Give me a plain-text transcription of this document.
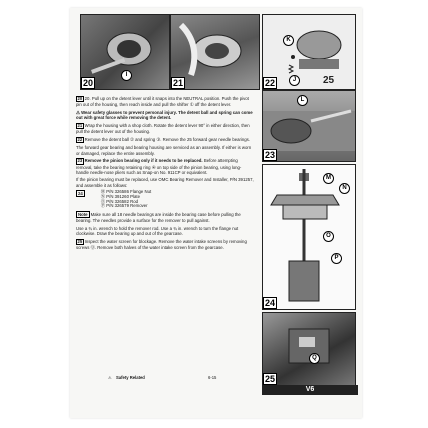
I
20	21	25
K
J
22
L
23
M
N
O
P
24
Q
25
V6
20 20. Pull up on the detent lever until it snaps into the NEUTRAL position. Push the pivot pin out of the housing, then reach inside and pull the shifter ① off the detent lever.
⚠ Wear safety glasses to prevent personal injury. The detent ball and spring can come out with great force while removing the detent.
21 Wrap the housing with a shop cloth. Rotate the detent lever 90° in either direction, then pull the detent lever out of the housing.
22 Remove the detent ball ② and spring ③. Remove the 25 forward gear needle bearings.
The forward gear bearing and bearing housing are serviced as an assembly. If either is worn or damaged, replace the entire assembly.
23 Remove the pinion bearing only if it needs to be replaced. Before attempting removal, take the bearing retaining ring ④ on top side of the pinion bearing, using long-handle needle-nose pliers such as Snap-on No. 911CP or equivalent.
If the pinion bearing must be replaced, use OMC Bearing Remover and Installer, P/N 391257, and assemble it as follows:
24	Ⓜ P/N 326586 Flange Nut
Ⓝ P/N 391260 Plate
Ⓞ P/N 326582 Rod
Ⓟ P/N 326579 Remover
Note Make sure all 18 needle bearings are inside the bearing case before pulling the bearing. The needles provide a surface for the remover to pull against.
Use a ¾ in. wrench to hold the remover rod. Use a ¾ in. wrench to turn the flange nut clockwise. Draw the bearing up and out of the gearcase.
25 Inspect the water screen for blockage. Remove the water intake screens by removing screws Ⓠ. Remove both halves of the water intake screen from the gearcase.
⚠ Safety Related	6-15
